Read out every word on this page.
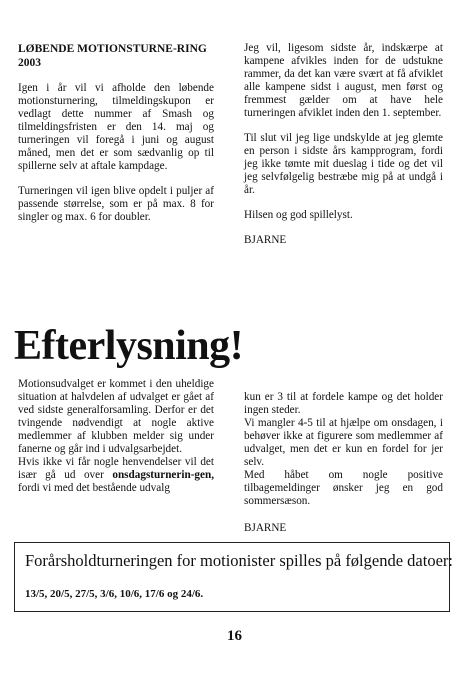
LØBENDE MOTIONSTURNE-RING 2003

Igen i år vil vi afholde den løbende motionsturnering, tilmeldingskupon er vedlagt dette nummer af Smash og tilmeldingsfristen er den 14. maj og turneringen vil foregå i juni og august måned, men det er som sædvanlig op til spillerne selv at aftale kampdage.

Turneringen vil igen blive opdelt i puljer af passende størrelse, som er på max. 8 for singler og max. 6 for doubler.

Jeg vil, ligesom sidste år, indskærpe at kampene afvikles inden for de udstukne rammer, da det kan være svært at få afviklet alle kampene sidst i august, men først og fremmest gælder om at have hele turneringen afviklet inden den 1. september.

Til slut vil jeg lige undskylde at jeg glemte en person i sidste års kampprogram, fordi jeg ikke tømte mit dueslag i tide og det vil jeg selvfølgelig bestræbe mig på at undgå i år.

Hilsen og god spillelyst.

BJARNE

Efterlysning!

Motionsudvalget er kommet i den uheldige situation at halvdelen af udvalget er gået af ved sidste generalforsamling. Derfor er det tvingende nødvendigt at nogle aktive medlemmer af klubben melder sig under fanerne og går ind i udvalgsarbejdet.

Hvis ikke vi får nogle henvendelser vil det især gå ud over onsdagsturnerin-gen, fordi vi med det bestående udvalg

kun er 3 til at fordele kampe og det holder ingen steder.

Vi mangler 4-5 til at hjælpe om onsdagen, i behøver ikke at figurere som medlemmer af udvalget, men det er kun en fordel for jer selv.

Med håbet om nogle positive tilbagemeldinger ønsker jeg en god sommersæson.

BJARNE

Forårsholdturneringen for motionister spilles på følgende datoer:
13/5, 20/5, 27/5, 3/6, 10/6, 17/6 og 24/6.
16
